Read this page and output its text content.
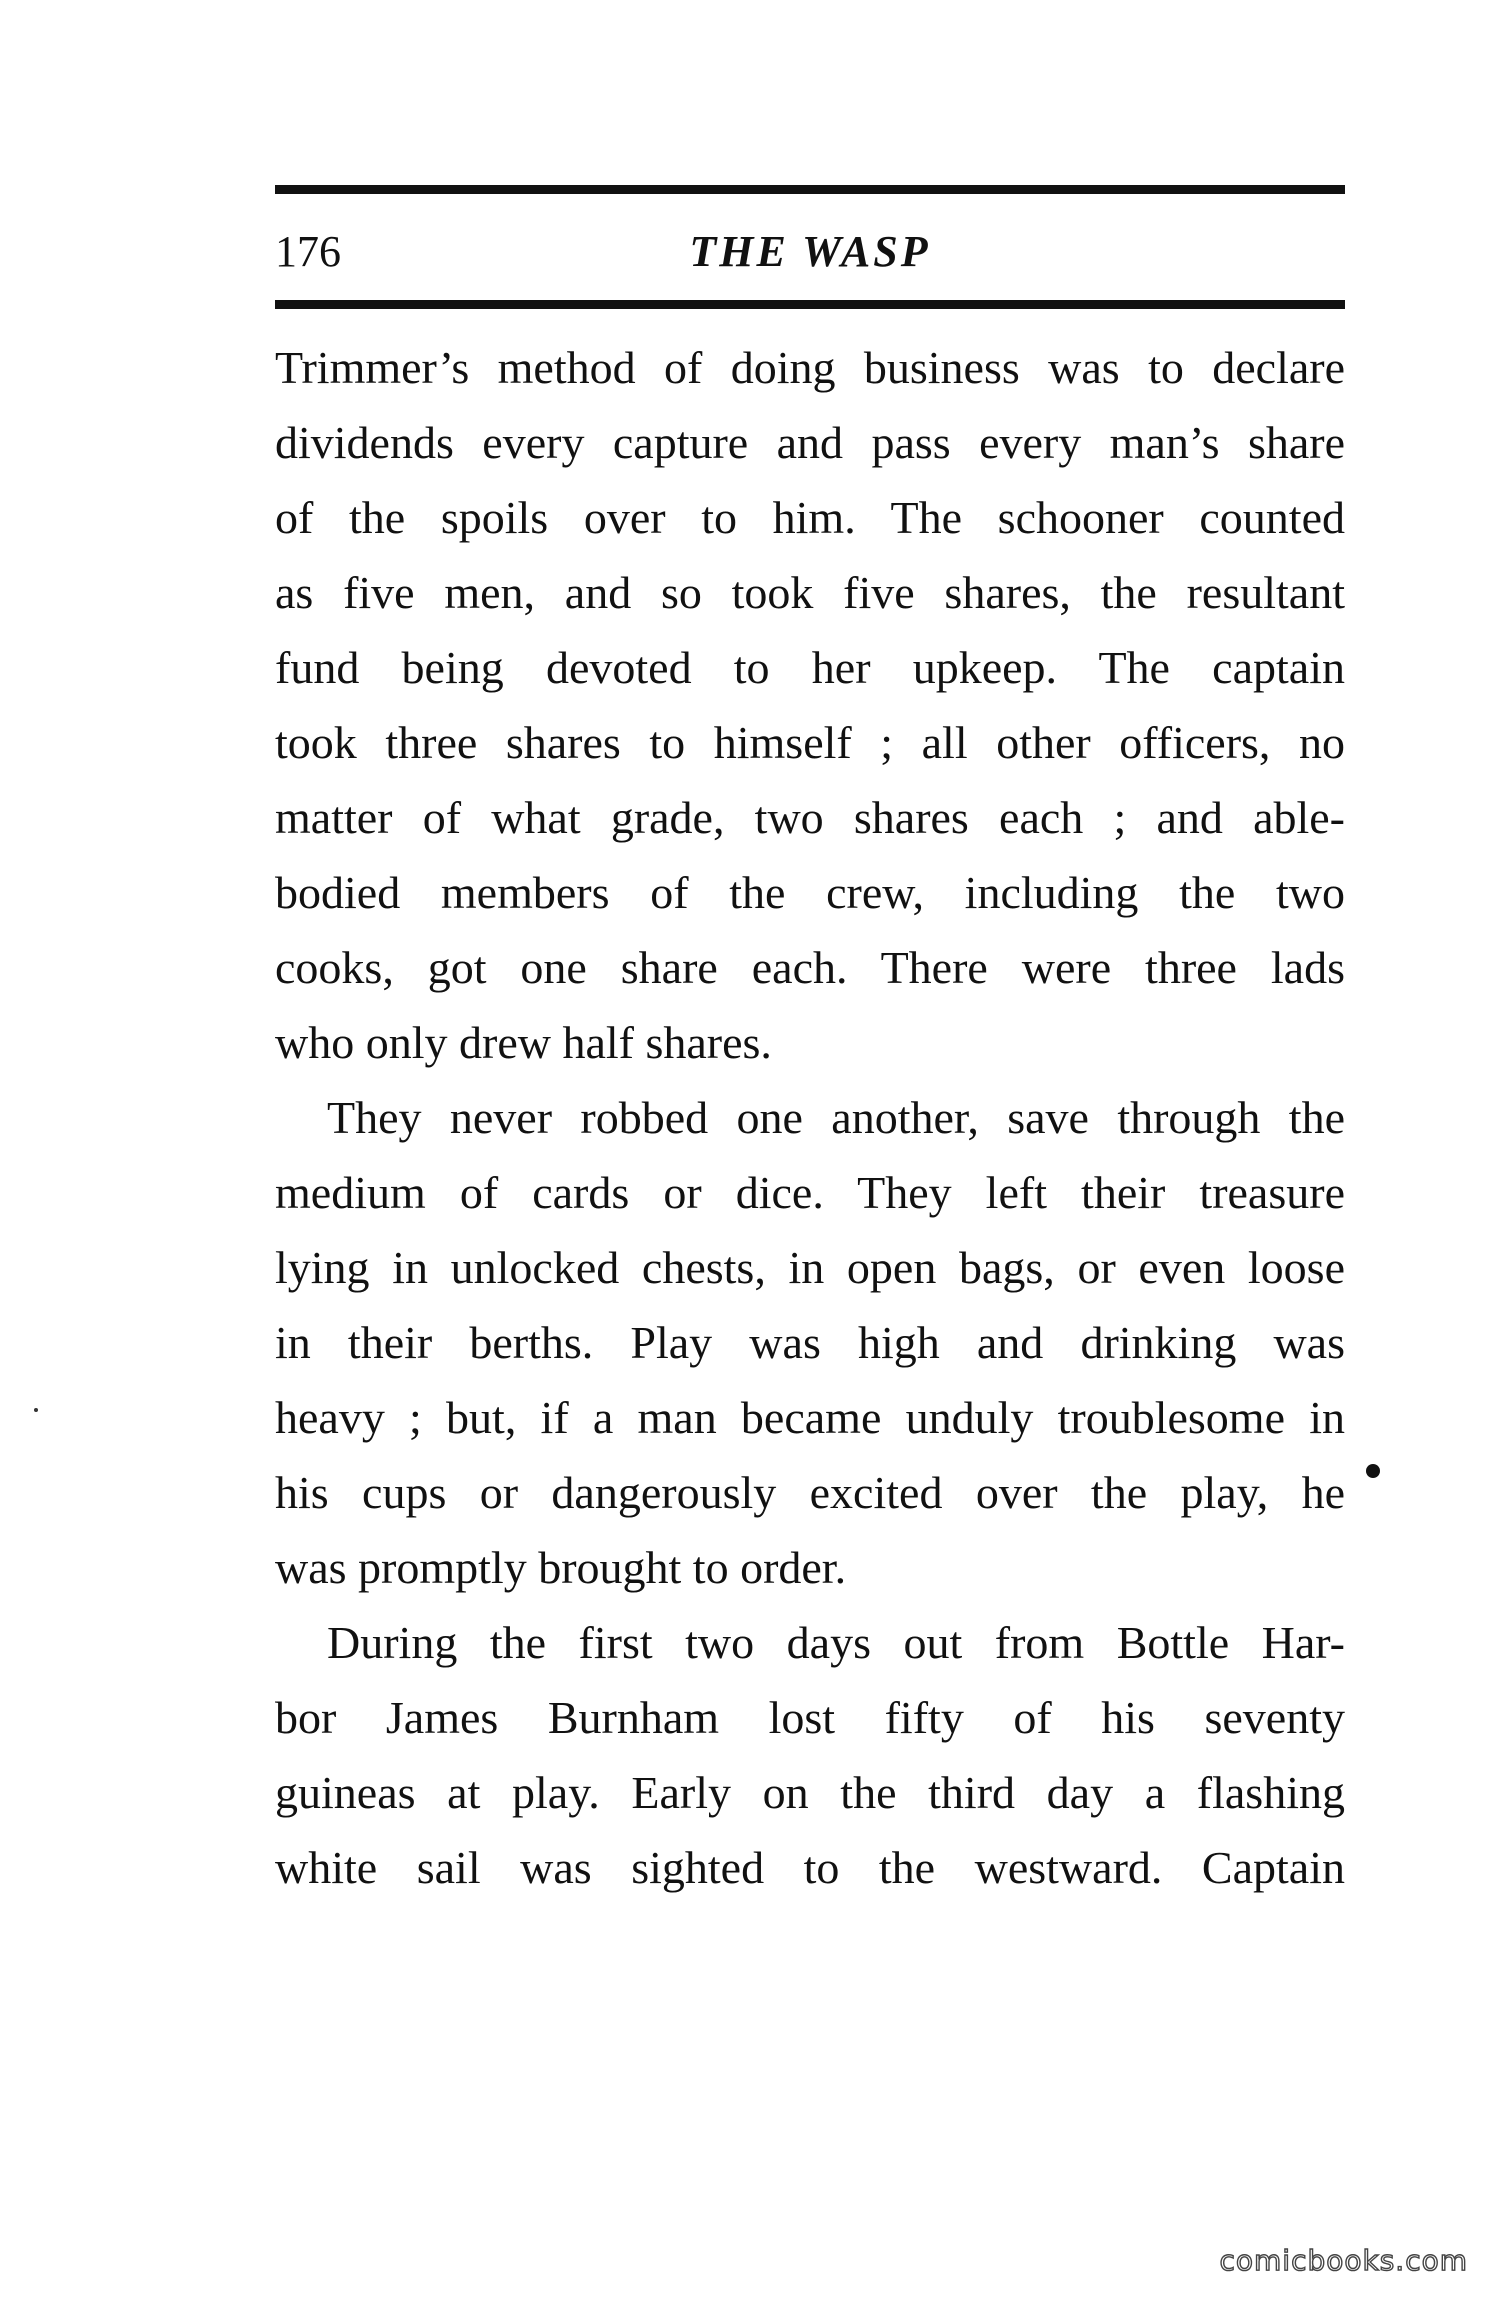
176	THE WASP
Trimmer’s method of doing business was to declare
dividends every capture and pass every man’s share
of the spoils over to him. The schooner counted
as five men, and so took five shares, the resultant
fund being devoted to her upkeep. The captain
took three shares to himself ; all other officers, no
matter of what grade, two shares each ; and able-
bodied members of the crew, including the two
cooks, got one share each. There were three lads
who only drew half shares.
They never robbed one another, save through the
medium of cards or dice. They left their treasure
lying in unlocked chests, in open bags, or even loose
in their berths. Play was high and drinking was
heavy ; but, if a man became unduly troublesome in
his cups or dangerously excited over the play, he
was promptly brought to order.
During the first two days out from Bottle Har-
bor James Burnham lost fifty of his seventy
guineas at play. Early on the third day a flashing
white sail was sighted to the westward. Captain
comicbooks.com
